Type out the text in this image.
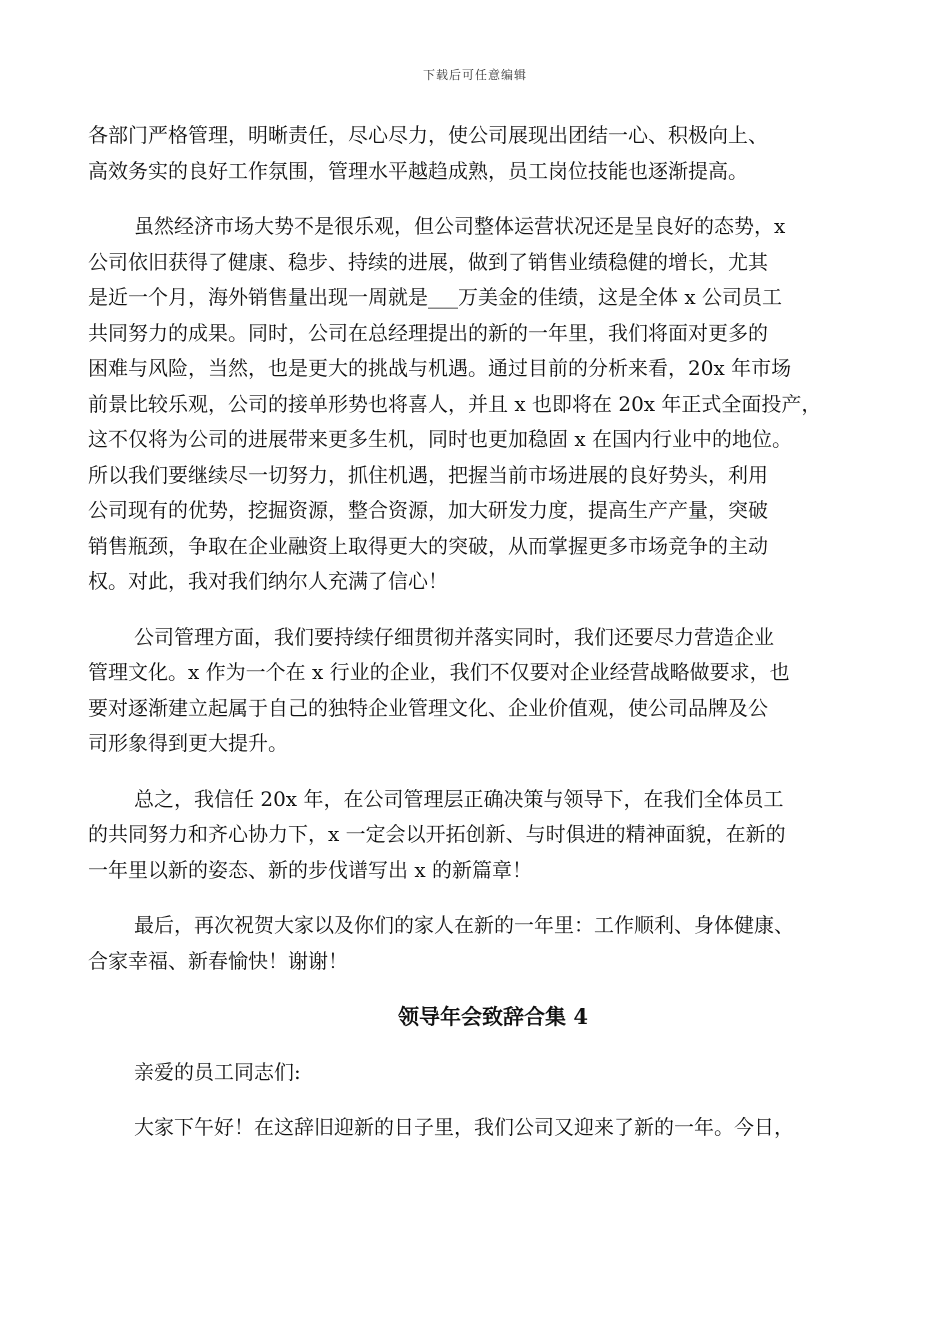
下载后可任意编辑

各部门严格管理，明晰责任，尽心尽力，使公司展现出团结一心、积极向上、
高效务实的良好工作氛围，管理水平越趋成熟，员工岗位技能也逐渐提高。

虽然经济市场大势不是很乐观，但公司整体运营状况还是呈良好的态势，x
公司依旧获得了健康、稳步、持续的进展，做到了销售业绩稳健的增长，尤其
是近一个月，海外销售量出现一周就是___万美金的佳绩，这是全体 x 公司员工
共同努力的成果。同时，公司在总经理提出的新的一年里，我们将面对更多的
困难与风险，当然，也是更大的挑战与机遇。通过目前的分析来看，20x 年市场
前景比较乐观，公司的接单形势也将喜人，并且 x 也即将在 20x 年正式全面投产，
这不仅将为公司的进展带来更多生机，同时也更加稳固 x 在国内行业中的地位。
所以我们要继续尽一切努力，抓住机遇，把握当前市场进展的良好势头，利用
公司现有的优势，挖掘资源，整合资源，加大研发力度，提高生产产量，突破
销售瓶颈，争取在企业融资上取得更大的突破，从而掌握更多市场竞争的主动
权。对此，我对我们纳尔人充满了信心！

公司管理方面，我们要持续仔细贯彻并落实同时，我们还要尽力营造企业
管理文化。x 作为一个在 x 行业的企业，我们不仅要对企业经营战略做要求，也
要对逐渐建立起属于自己的独特企业管理文化、企业价值观，使公司品牌及公
司形象得到更大提升。

总之，我信任 20x 年，在公司管理层正确决策与领导下，在我们全体员工
的共同努力和齐心协力下，x 一定会以开拓创新、与时俱进的精神面貌，在新的
一年里以新的姿态、新的步伐谱写出 x 的新篇章！

最后，再次祝贺大家以及你们的家人在新的一年里：工作顺利、身体健康、
合家幸福、新春愉快！谢谢！

领导年会致辞合集 4

亲爱的员工同志们:

大家下午好！在这辞旧迎新的日子里，我们公司又迎来了新的一年。今日，
